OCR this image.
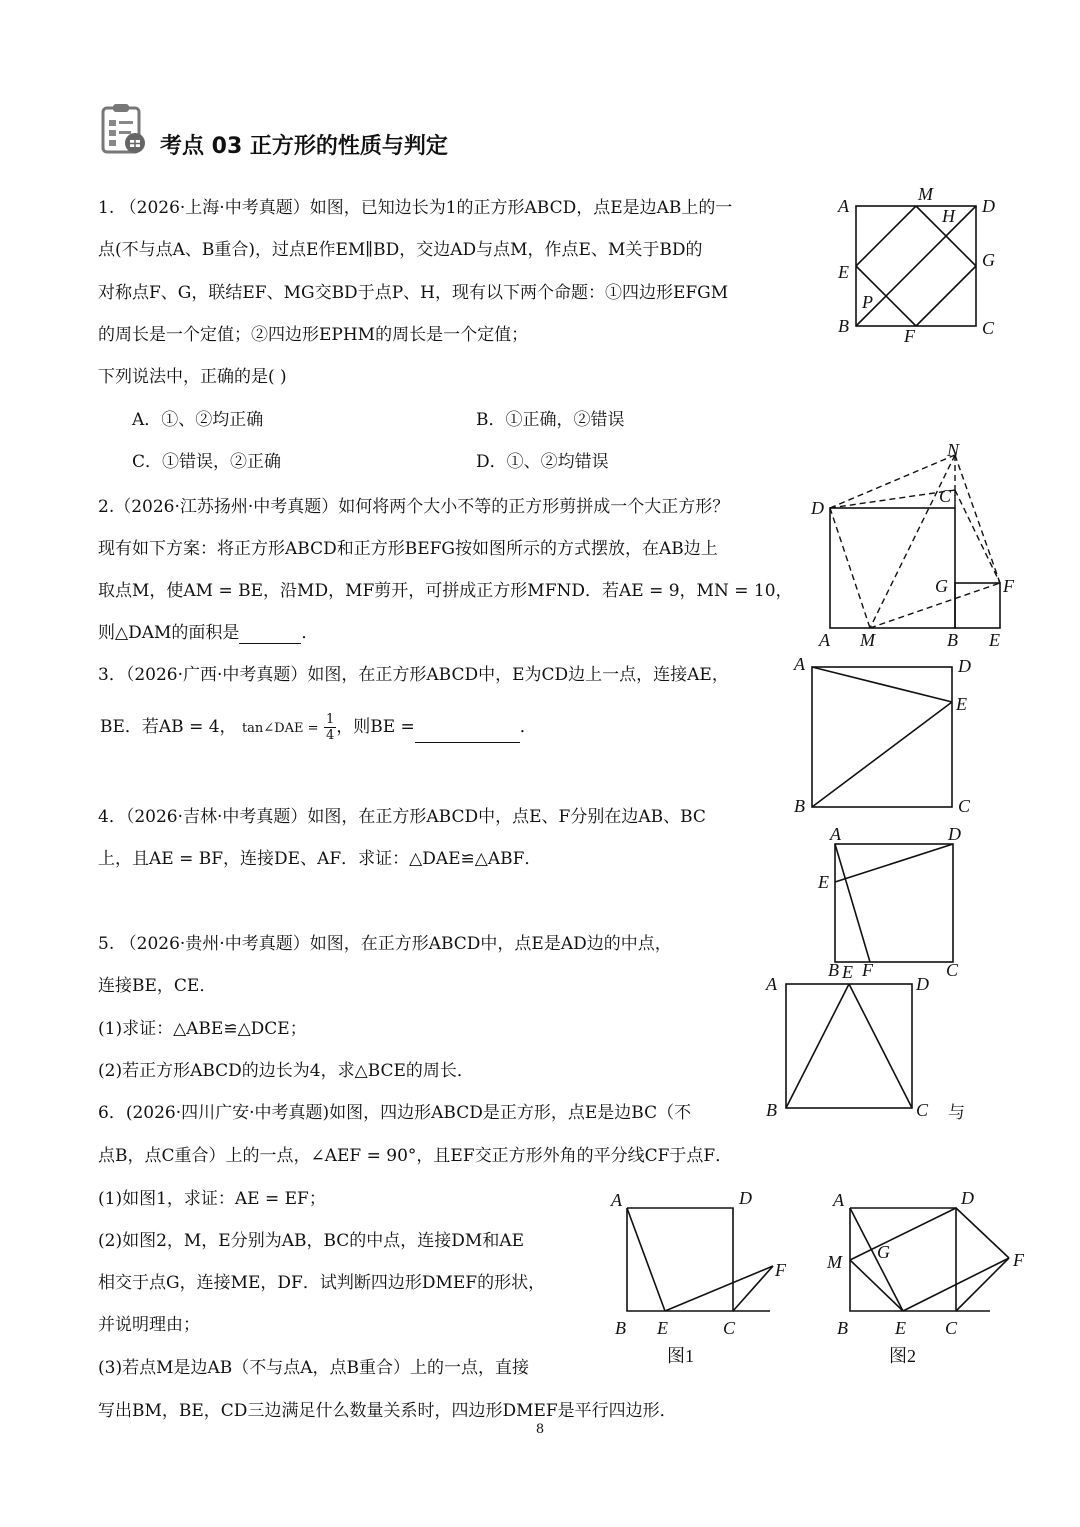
考点 03 正方形的性质与判定
1. （2026·上海·中考真题）如图，已知边长为1的正方形ABCD，点E是边AB上的一
点(不与点A、B重合)，过点E作EM∥BD，交边AD与点M，作点E、M关于BD的
对称点F、G，联结EF、MG交BD于点P、H，现有以下两个命题：①四边形EFGM
的周长是一个定值；②四边形EPHM的周长是一个定值；
下列说法中，正确的是( )
A．①、②均正确	B．①正确，②错误
C．①错误，②正确	D．①、②均错误
A
M
D
H
E
G
P
B	F	C
2.（2026·江苏扬州·中考真题）如何将两个大小不等的正方形剪拼成一个大正方形？
现有如下方案：将正方形ABCD和正方形BEFG按如图所示的方式摆放，在AB边上
取点M，使AM = BE，沿MD，MF剪开，可拼成正方形MFND．若AE = 9，MN = 10，
则△DAM的面积是	．
N
C
D
G	F
A M	B E
3．（2026·广西·中考真题）如图，在正方形ABCD中，E为CD边上一点，连接AE，
BE．若AB = 4， tan∠DAE = $\frac{1}{4}$ ，则BE =	．
A	D
E
B	C
4．（2026·吉林·中考真题）如图，在正方形ABCD中，点E、F分别在边AB、BC
上，且AE = BF，连接DE、AF．求证：△DAE≌△ABF．
A	D
E
B F	C
5. （2026·贵州·中考真题）如图，在正方形ABCD中，点E是AD边的中点，
连接BE，CE．
(1)求证：△ABE≌△DCE；
(2)若正方形ABCD的边长为4，求△BCE的周长．
A
E
D
B	C
6．(2026·四川广安·中考真题)如图，四边形ABCD是正方形，点E是边BC（不	与
点B，点C重合）上的一点，∠AEF = 90°，且EF交正方形外角的平分线CF于点F．
(1)如图1，求证：AE = EF；
(2)如图2，M，E分别为AB，BC的中点，连接DM和AE
相交于点G，连接ME，DF．试判断四边形DMEF的形状，
并说明理由；
(3)若点M是边AB（不与点A，点B重合）上的一点，直接
写出BM，BE，CD三边满足什么数量关系时，四边形DMEF是平行四边形．
A	D
F
B E	C
图1
A	D
M G	F
B	E C
图2
8
